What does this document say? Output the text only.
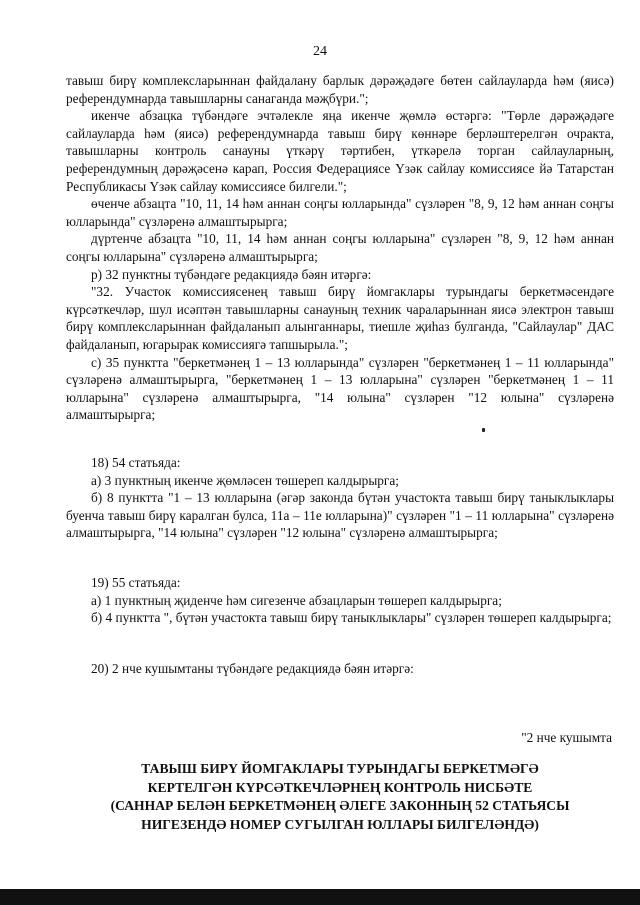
24

тавыш бирү комплексларыннан файдалану барлык дәрәҗәдәге бөтен сайлауларда һәм (яисә) референдумнарда тавышларны санаганда мәҗбүри.";

икенче абзацка түбәндәге эчтәлекле яңа икенче җөмлә өстәргә: "Төрле дәрәҗәдәге сайлауларда һәм (яисә) референдумнарда тавыш бирү көннәре берләштерелгән очракта, тавышларны контроль санауны үткәрү тәртибен, үткәрелә торган сайлауларның, референдумның дәрәҗәсенә карап, Россия Федерациясе Үзәк сайлау комиссиясе йә Татарстан Республикасы Үзәк сайлау комиссиясе билгели.";

өченче абзацта "10, 11, 14 һәм аннан соңгы юлларында" сүзләрен "8, 9, 12 һәм аннан соңгы юлларында" сүзләренә алмаштырырга;

дүртенче абзацта "10, 11, 14 һәм аннан соңгы юлларына" сүзләрен "8, 9, 12 һәм аннан соңгы юлларына" сүзләренә алмаштырырга;

р) 32 пунктны түбәндәге редакциядә бәян итәргә:

"32. Участок комиссиясенең тавыш бирү йомгаклары турындагы беркетмәсендәге күрсәткечләр, шул исәптән тавышларны санауның техник чараларыннан яисә электрон тавыш бирү комплексларыннан файдаланып алынганнары, тиешле җиһаз булганда, "Сайлаулар" ДАС файдаланып, югарырак комиссиягә тапшырыла.";

с) 35 пунктта "беркетмәнең 1 – 13 юлларында" сүзләрен "беркетмәнең 1 – 11 юлларында" сүзләренә алмаштырырга, "беркетмәнең 1 – 13 юлларына" сүзләрен "беркетмәнең 1 – 11 юлларына" сүзләренә алмаштырырга, "14 юлына" сүзләрен "12 юлына" сүзләренә алмаштырырга;

18) 54 статьяда:

а) 3 пунктның икенче җөмләсен төшереп калдырырга;

б) 8 пунктта "1 – 13 юлларына (әгәр законда бүтән участокта тавыш бирү таныклыклары буенча тавыш бирү каралган булса, 11а – 11е юлларына)" сүзләрен "1 – 11 юлларына" сүзләренә алмаштырырга, "14 юлына" сүзләрен "12 юлына" сүзләренә алмаштырырга;

19) 55 статьяда:

а) 1 пунктның җиденче һәм сигезенче абзацларын төшереп калдырырга;

б) 4 пунктта ", бүтән участокта тавыш бирү таныклыклары" сүзләрен төшереп калдырырга;

20) 2 нче кушымтаны түбәндәге редакциядә бәян итәргә:

"2 нче кушымта
ТАВЫШ БИРҮ ЙОМГАКЛАРЫ ТУРЫНДАГЫ БЕРКЕТМӘГӘ
КЕРТЕЛГӘН КҮРСӘТКЕЧЛӘРНЕҢ КОНТРОЛЬ НИСБӘТЕ
(САННАР БЕЛӘН БЕРКЕТМӘНЕҢ ӘЛЕГЕ ЗАКОННЫҢ 52 СТАТЬЯСЫ
НИГЕЗЕНДӘ НОМЕР СУГЫЛГАН ЮЛЛАРЫ БИЛГЕЛӘНДӘ)
